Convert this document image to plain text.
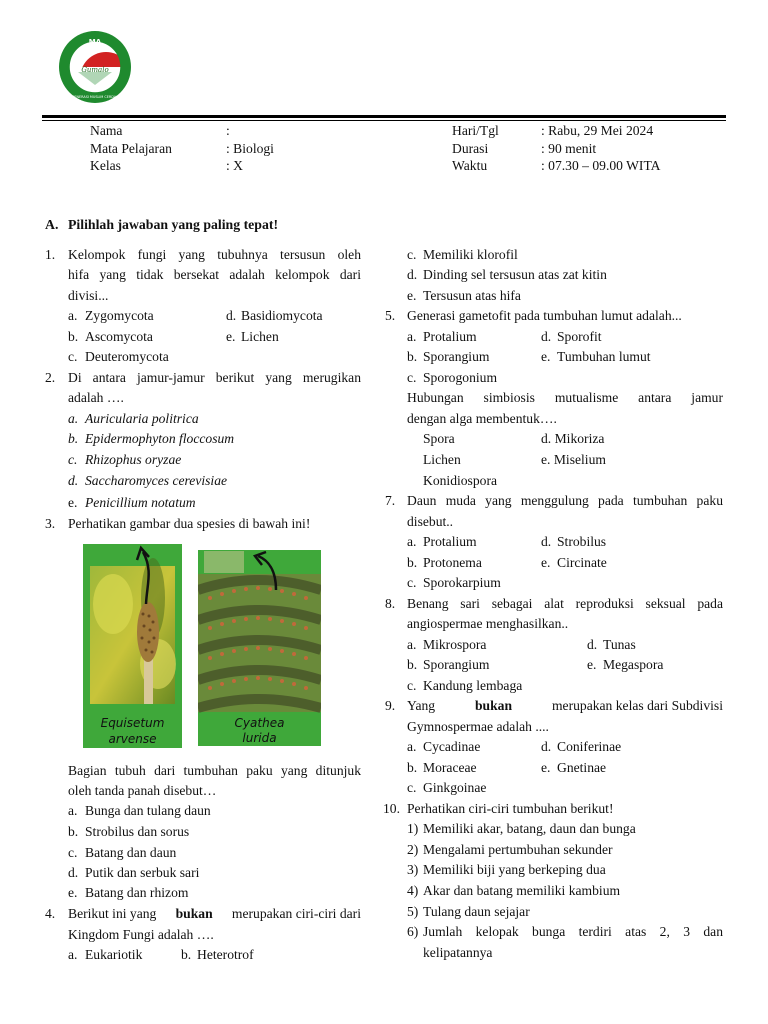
MA
Gumalo
GENERASI MUSLIM CERDAS
Nama	:
Mata Pelajaran	: Biologi
Kelas	: X
Hari/Tgl	: Rabu, 29 Mei 2024
Durasi	: 90 menit
Waktu	: 07.30 – 09.00 WITA
A. Pilihlah jawaban yang paling tepat!
1. Kelompok fungi yang tubuhnya tersusun oleh
hifa yang tidak bersekat adalah kelompok dari
divisi...
a. Zygomycota	d. Basidiomycota
b. Ascomycota	e. Lichen
c. Deuteromycota
2. Di antara jamur-jamur berikut yang merugikan
adalah ….
a. Auricularia politrica
b. Epidermophyton floccosum
c. Rhizophus oryzae
d. Saccharomyces cerevisiae
e. Penicillium notatum
3. Perhatikan gambar dua spesies di bawah ini!
Equisetum
arvense
Cyathea
lurida
Bagian tubuh dari tumbuhan paku yang ditunjuk
oleh tanda panah disebut…
a. Bunga dan tulang daun
b. Strobilus dan sorus
c. Batang dan daun
d. Putik dan serbuk sari
e. Batang dan rhizom
4. Berikut ini yang bukan merupakan ciri-ciri dari
Kingdom Fungi adalah ….
a. Eukariotik	b. Heterotrof
c. Memiliki klorofil
d. Dinding sel tersusun atas zat kitin
e. Tersusun atas hifa
5. Generasi gametofit pada tumbuhan lumut adalah...
a. Protalium	d. Sporofit
b. Sporangium	e. Tumbuhan lumut
c. Sporogonium
Hubungan simbiosis mutualisme antara jamur
dengan alga membentuk….
Spora	d. Mikoriza
Lichen	e. Miselium
Konidiospora
7. Daun muda yang menggulung pada tumbuhan paku
disebut..
a. Protalium	d. Strobilus
b. Protonema	e. Circinate
c. Sporokarpium
8. Benang sari sebagai alat reproduksi seksual pada
angiospermae menghasilkan..
a. Mikrospora	d. Tunas
b. Sporangium	e. Megaspora
c. Kandung lembaga
9. Yang	bukan	merupakan kelas dari Subdivisi
Gymnospermae adalah ....
a. Cycadinae	d. Coniferinae
b. Moraceae	e. Gnetinae
c. Ginkgoinae
10. Perhatikan ciri-ciri tumbuhan berikut!
1) Memiliki akar, batang, daun dan bunga
2) Mengalami pertumbuhan sekunder
3) Memiliki biji yang berkeping dua
4) Akar dan batang memiliki kambium
5) Tulang daun sejajar
6) Jumlah kelopak bunga terdiri atas 2, 3 dan
kelipatannya
